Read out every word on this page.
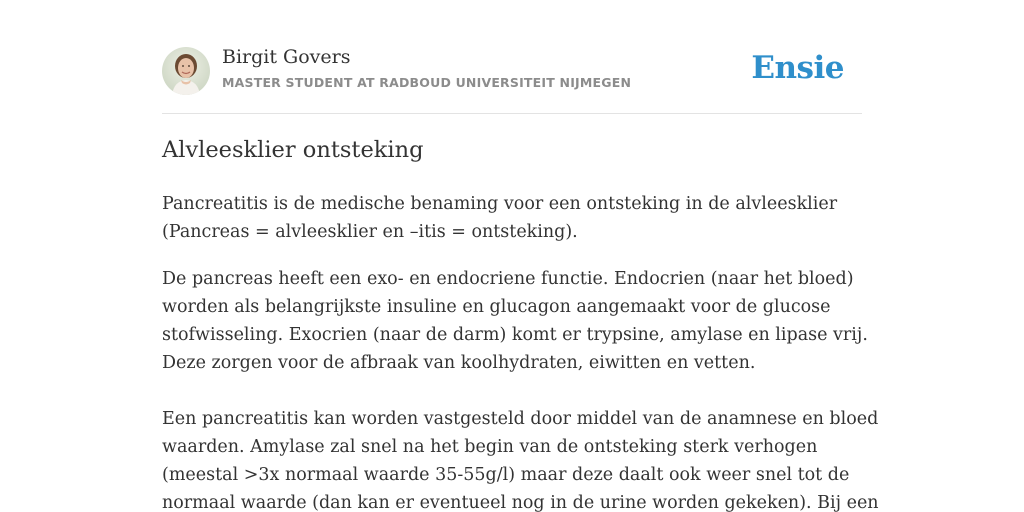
Birgit Govers
MASTER STUDENT AT RADBOUD UNIVERSITEIT NIJMEGEN	Ensie
Alvleesklier ontsteking
Pancreatitis is de medische benaming voor een ontsteking in de alvleesklier
(Pancreas = alvleesklier en –itis = ontsteking).
De pancreas heeft een exo- en endocriene functie. Endocrien (naar het bloed)
worden als belangrijkste insuline en glucagon aangemaakt voor de glucose
stofwisseling. Exocrien (naar de darm) komt er trypsine, amylase en lipase vrij.
Deze zorgen voor de afbraak van koolhydraten, eiwitten en vetten.
Een pancreatitis kan worden vastgesteld door middel van de anamnese en bloed
waarden. Amylase zal snel na het begin van de ontsteking sterk verhogen
(meestal >3x normaal waarde 35-55g/l) maar deze daalt ook weer snel tot de
normaal waarde (dan kan er eventueel nog in de urine worden gekeken). Bij een
